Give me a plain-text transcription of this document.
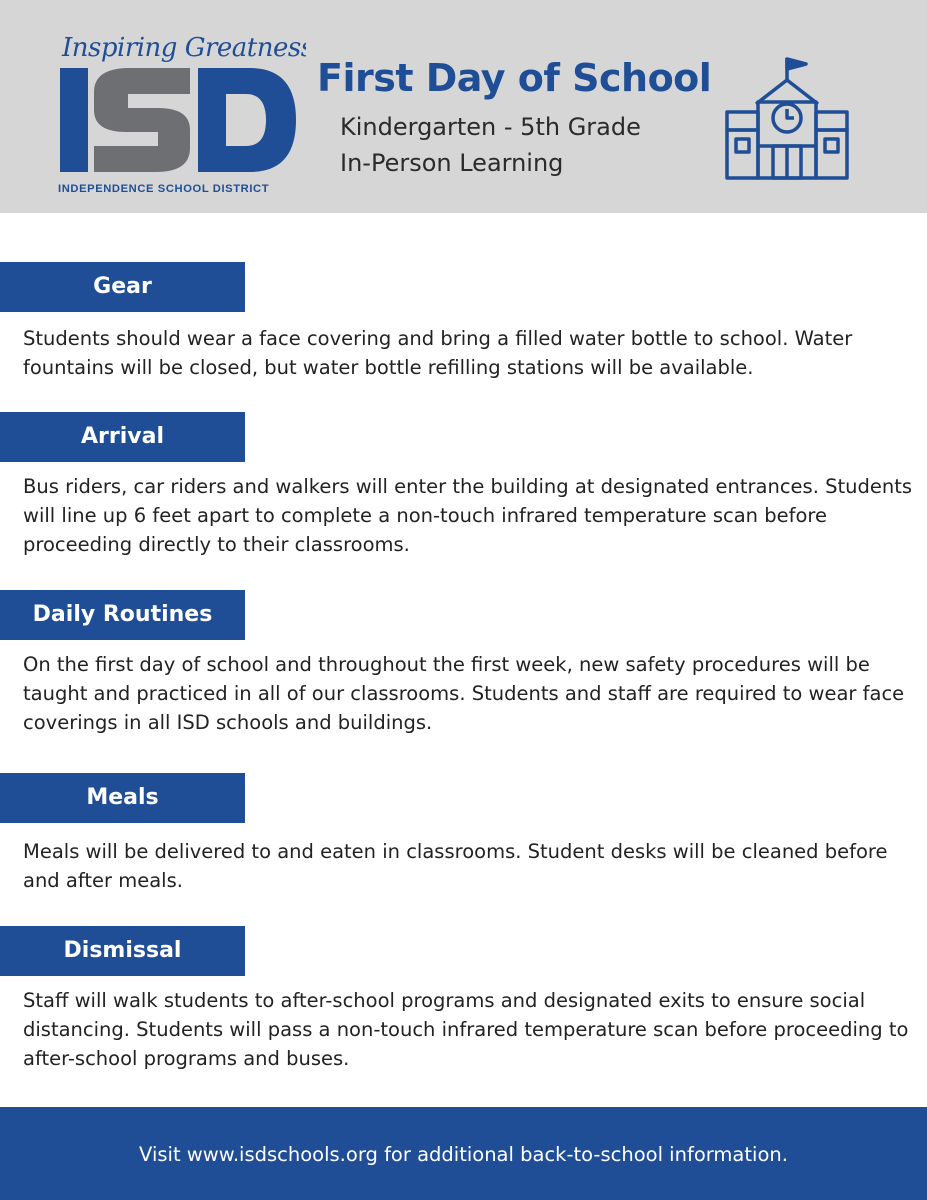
Inspiring Greatness
INDEPENDENCE SCHOOL DISTRICT
First Day of School
Kindergarten - 5th Grade
In-Person Learning
Gear

Students should wear a face covering and bring a filled water bottle to school. Water fountains will be closed, but water bottle refilling stations will be available.

Arrival

Bus riders, car riders and walkers will enter the building at designated entrances. Students will line up 6 feet apart to complete a non-touch infrared temperature scan before proceeding directly to their classrooms.

Daily Routines

On the first day of school and throughout the first week, new safety procedures will be taught and practiced in all of our classrooms. Students and staff are required to wear face coverings in all ISD schools and buildings.

Meals

Meals will be delivered to and eaten in classrooms. Student desks will be cleaned before and after meals.

Dismissal

Staff will walk students to after-school programs and designated exits to ensure social distancing. Students will pass a non-touch infrared temperature scan before proceeding to after-school programs and buses.

Visit www.isdschools.org for additional back-to-school information.
